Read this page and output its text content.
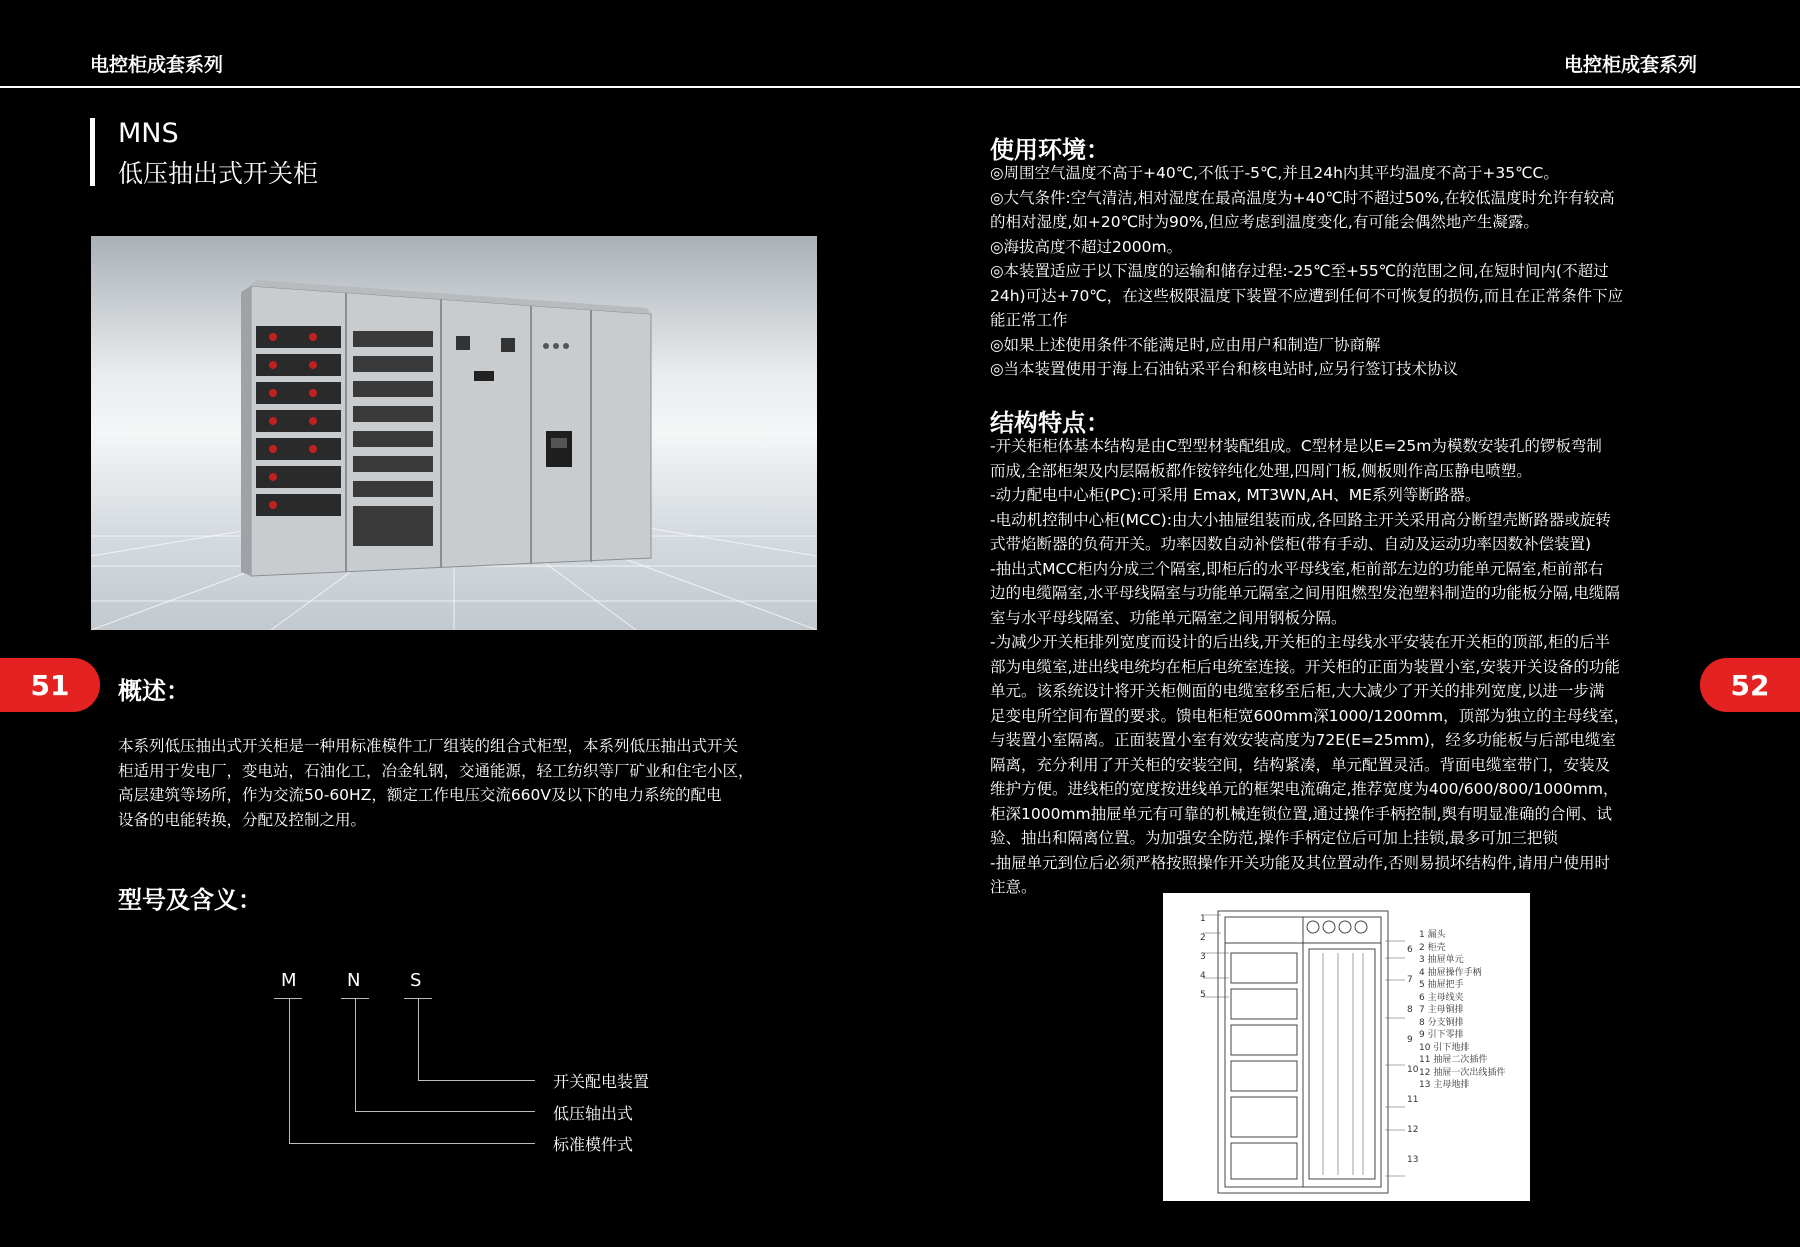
电控柜成套系列	电控柜成套系列
MNS
低压抽出式开关柜
51	52
概述：
本系列低压抽出式开关柜是一种用标准模件工厂组装的组合式柜型，本系列低压抽出式开关
柜适用于发电厂，变电站，石油化工，冶金轧钢，交通能源，轻工纺织等厂矿业和住宅小区，
高层建筑等场所，作为交流50-60HZ，额定工作电压交流660V及以下的电力系统的配电
设备的电能转换，分配及控制之用。
型号及含义：
M	N	S
开关配电装置
低压轴出式
标准模件式
使用环境：
◎周围空气温度不高于+40℃,不低于-5℃,并且24h内其平均温度不高于+35℃C。
◎大气条件:空气清洁,相对湿度在最高温度为+40℃时不超过50%,在较低温度时允许有较高
的相对湿度,如+20℃时为90%,但应考虑到温度变化,有可能会偶然地产生凝露。
◎海拔高度不超过2000m。
◎本装置适应于以下温度的运输和储存过程:-25℃至+55℃的范围之间,在短时间内(不超过
24h)可达+70℃，在这些极限温度下装置不应遭到任何不可恢复的损伤,而且在正常条件下应
能正常工作
◎如果上述使用条件不能满足时,应由用户和制造厂协商解
◎当本装置使用于海上石油钻采平台和核电站时,应另行签订技术协议
结构特点：
-开关柜柜体基本结构是由C型型材装配组成。C型材是以E=25m为模数安装孔的锣板弯制
而成,全部柜架及内层隔板都作铵锌纯化处理,四周门板,侧板则作高压静电喷塑。
-动力配电中心柜(PC):可采用 Emax, MT3WN,AH、ME系列等断路器。
-电动机控制中心柜(MCC):由大小抽屉组装而成,各回路主开关采用高分断望壳断路器或旋转
式带焰断器的负荷开关。功率因数自动补偿柜(带有手动、自动及运动功率因数补偿装置)
-抽出式MCC柜内分成三个隔室,即柜后的水平母线室,柜前部左边的功能单元隔室,柜前部右
边的电缆隔室,水平母线隔室与功能单元隔室之间用阻燃型发泡塑料制造的功能板分隔,电缆隔
室与水平母线隔室、功能单元隔室之间用钢板分隔。
-为减少开关柜排列宽度而设计的后出线,开关柜的主母线水平安装在开关柜的顶部,柜的后半
部为电缆室,进出线电统均在柜后电统室连接。开关柜的正面为装置小室,安装开关设备的功能
单元。该系统设计将开关柜侧面的电缆室移至后柜,大大减少了开关的排列宽度,以进一步满
足变电所空间布置的要求。馈电柜柜宽600mm深1000/1200mm，顶部为独立的主母线室，
与装置小室隔离。正面装置小室有效安装高度为72E(E=25mm)，经多功能板与后部电缆室
隔离，充分利用了开关柜的安装空间，结构紧凑，单元配置灵活。背面电缆室带门，安装及
维护方便。进线柜的宽度按进线单元的框架电流确定,推荐宽度为400/600/800/1000mm，
柜深1000mm抽屉单元有可靠的机械连锁位置,通过操作手柄控制,舆有明显准确的合闸、试
验、抽出和隔离位置。为加强安全防范,操作手柄定位后可加上挂锁,最多可加三把锁
-抽屉单元到位后必须严格按照操作开关功能及其位置动作,否则易损坏结构件,请用户使用时
注意。
1
2
3
4
5
6
7
8
9
10
11
12
13
1 漏头
2 柜壳
3 抽屉单元
4 抽屉操作手柄
5 抽屉把手
6 主母线夹
7 主母铜排
8 分支铜排
9 引下零排
10 引下地排
11 抽屉二次插件
12 抽屉一次出线插件
13 主母地排
